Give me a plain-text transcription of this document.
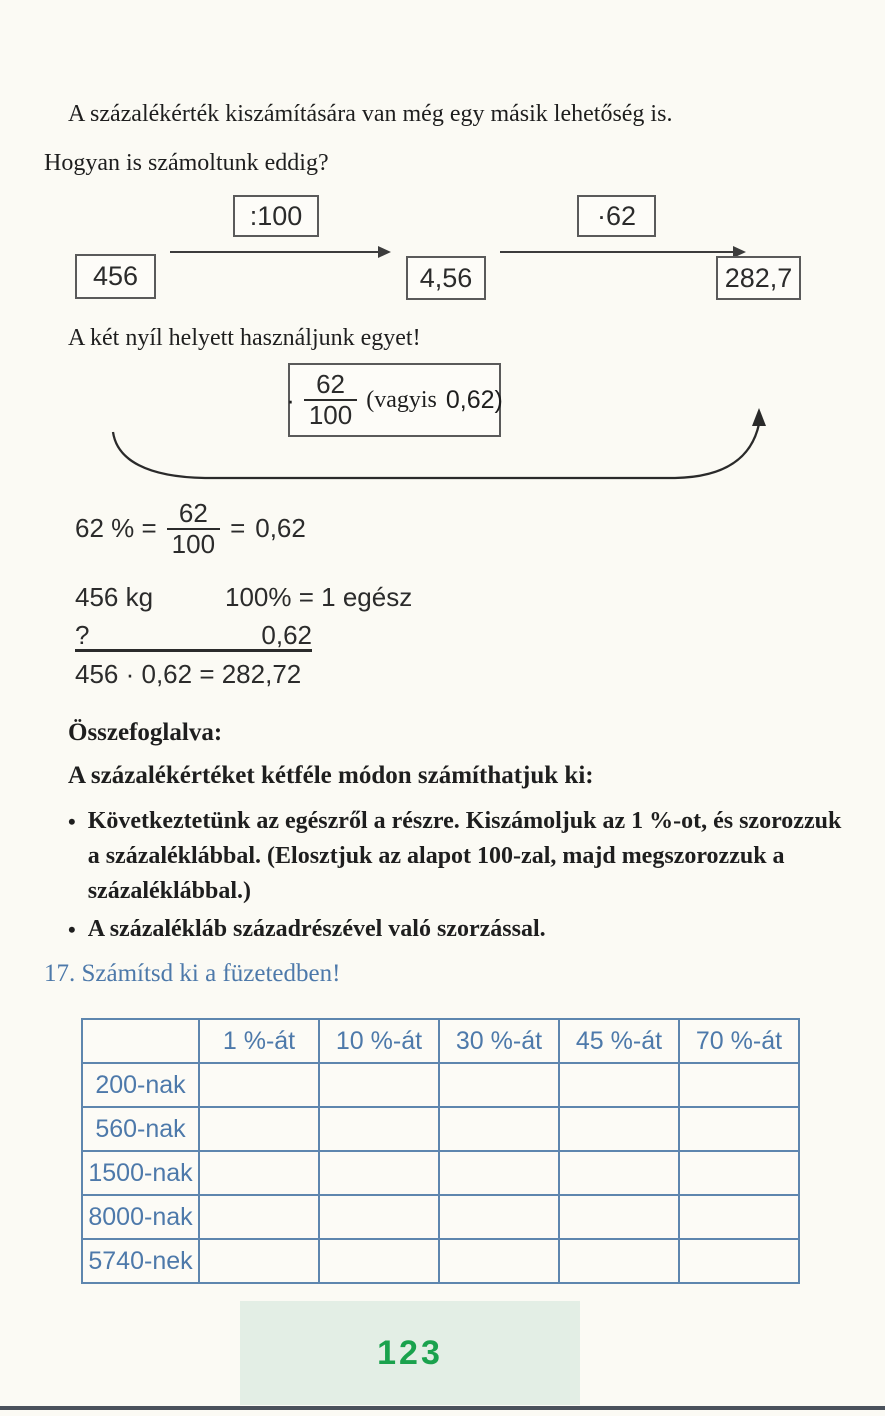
A százalékérték kiszámítására van még egy másik lehetőség is.
Hogyan is számoltunk eddig?
:100	·62
456	4,56	282,7
A két nyíl helyett használjunk egyet!
· $\frac{62}{100}$ (vagyis 0,62)
62 % = $\frac{62}{100} = 0,62$
456 kg	100% = 1 egész
?	0,62
456 · 0,62 = 282,72
Összefoglalva:
A százalékértéket kétféle módon számíthatjuk ki:
• Következtetünk az egészről a részre. Kiszámoljuk az 1 %-ot, és szorozzuk a százaléklábbal. (Elosztjuk az alapot 100-zal, majd megszorozzuk a százaléklábbal.)
• A százalékláb századrészével való szorzással.
17. Számítsd ki a füzetedben!
	1 %-át	10 %-át	30 %-át	45 %-át	70 %-át
200-nak					
560-nak					
1500-nak					
8000-nak					
5740-nek					
123
